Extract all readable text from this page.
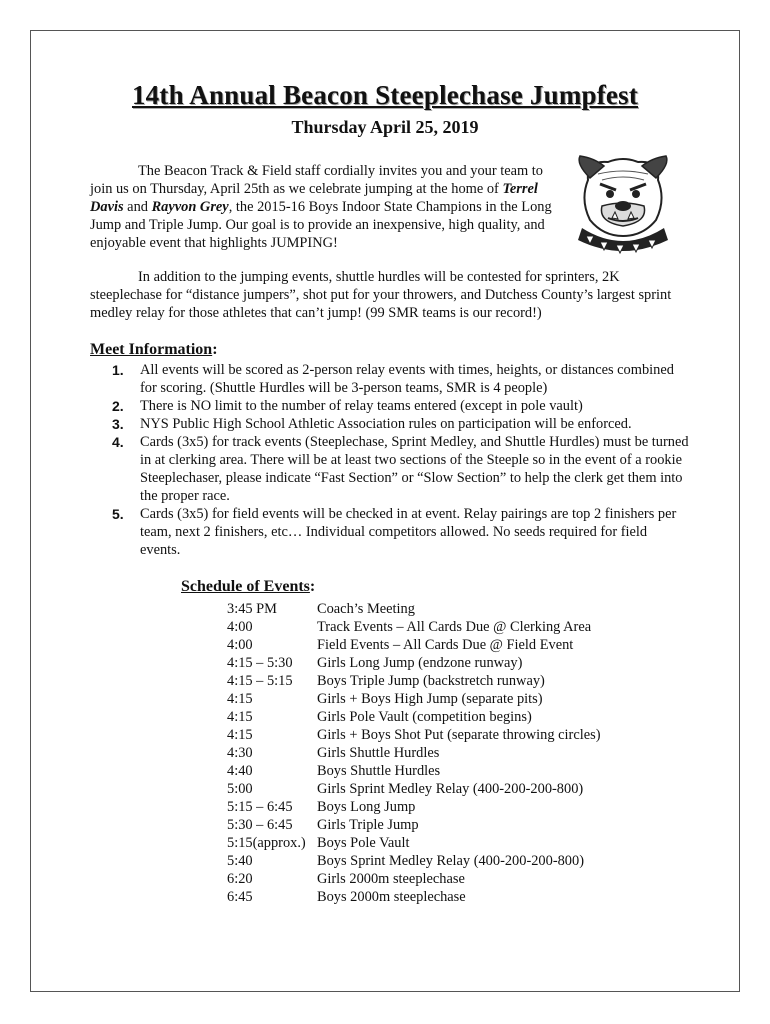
14th Annual Beacon Steeplechase Jumpfest
Thursday April 25, 2019

The Beacon Track & Field staff cordially invites you and your team to join us on Thursday, April 25th as we celebrate jumping at the home of Terrel Davis and Rayvon Grey, the 2015-16 Boys Indoor State Champions in the Long Jump and Triple Jump. Our goal is to provide an inexpensive, high quality, and enjoyable event that highlights JUMPING!

In addition to the jumping events, shuttle hurdles will be contested for sprinters, 2K steeplechase for “distance jumpers”, shot put for your throwers, and Dutchess County’s largest sprint medley relay for those athletes that can’t jump! (99 SMR teams is our record!)

Meet Information:
1. All events will be scored as 2-person relay events with times, heights, or distances combined for scoring. (Shuttle Hurdles will be 3-person teams, SMR is 4 people)
2. There is NO limit to the number of relay teams entered (except in pole vault)
3. NYS Public High School Athletic Association rules on participation will be enforced.
4. Cards (3x5) for track events (Steeplechase, Sprint Medley, and Shuttle Hurdles) must be turned in at clerking area. There will be at least two sections of the Steeple so in the event of a rookie Steeplechaser, please indicate “Fast Section” or “Slow Section” to help the clerk get them into the proper race.
5. Cards (3x5) for field events will be checked in at event. Relay pairings are top 2 finishers per team, next 2 finishers, etc… Individual competitors allowed. No seeds required for field events.
Schedule of Events:
3:45 PM	Coach’s Meeting
4:00	Track Events – All Cards Due @ Clerking Area
4:00	Field Events – All Cards Due @ Field Event
4:15 – 5:30	Girls Long Jump (endzone runway)
4:15 – 5:15	Boys Triple Jump (backstretch runway)
4:15	Girls + Boys High Jump (separate pits)
4:15	Girls Pole Vault (competition begins)
4:15	Girls + Boys Shot Put (separate throwing circles)
4:30	Girls Shuttle Hurdles
4:40	Boys Shuttle Hurdles
5:00	Girls Sprint Medley Relay (400-200-200-800)
5:15 – 6:45	Boys Long Jump
5:30 – 6:45	Girls Triple Jump
5:15(approx.) Boys Pole Vault
5:40	Boys Sprint Medley Relay (400-200-200-800)
6:20	Girls 2000m steeplechase
6:45	Boys 2000m steeplechase
